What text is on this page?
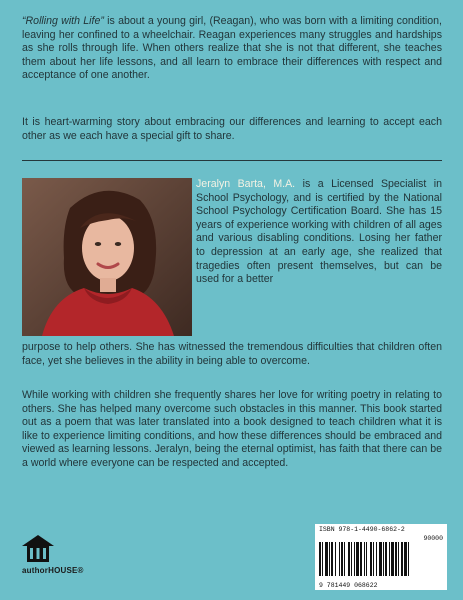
“Rolling with Life” is about a young girl, (Reagan), who was born with a limiting condition, leaving her confined to a wheelchair. Reagan experiences many struggles and hardships as she rolls through life. When others realize that she is not that different, she teaches them about her life lessons, and all learn to embrace their differences with respect and acceptance of one another.

It is heart-warming story about embracing our differences and learning to accept each other as we each have a special gift to share.

Jeralyn Barta, M.A. is a Licensed Specialist in School Psychology, and is certified by the National School Psychology Certification Board. She has 15 years of experience working with children of all ages and various disabling conditions. Losing her father to depression at an early age, she realized that tragedies often present themselves, but can be used for a better

purpose to help others. She has witnessed the tremendous difficulties that children often face, yet she believes in the ability in being able to overcome.

While working with children she frequently shares her love for writing poetry in relating to others. She has helped many overcome such obstacles in this manner. This book started out as a poem that was later translated into a book designed to teach children what it is like to experience limiting conditions, and how these differences should be embraced and viewed as learning lessons. Jeralyn, being the eternal optimist, has faith that there can be a world where everyone can be respected and accepted.

authorHOUSE®
ISBN 978-1-4490-6862-2
90000
9 781449 068622
